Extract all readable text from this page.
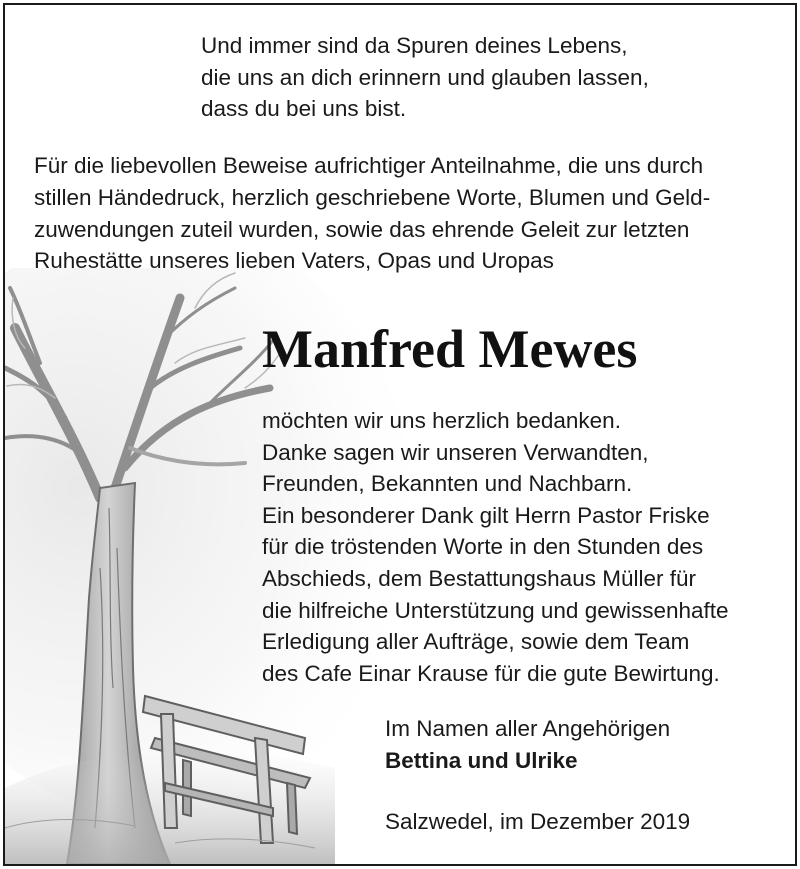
Und immer sind da Spuren deines Lebens,
die uns an dich erinnern und glauben lassen,
dass du bei uns bist.
Für die liebevollen Beweise aufrichtiger Anteilnahme, die uns durch
stillen Händedruck, herzlich geschriebene Worte, Blumen und Geld-
zuwendungen zuteil wurden, sowie das ehrende Geleit zur letzten
Ruhestätte unseres lieben Vaters, Opas und Uropas
Manfred Mewes
möchten wir uns herzlich bedanken.
Danke sagen wir unseren Verwandten,
Freunden, Bekannten und Nachbarn.
Ein besonderer Dank gilt Herrn Pastor Friske
für die tröstenden Worte in den Stunden des
Abschieds, dem Bestattungshaus Müller für
die hilfreiche Unterstützung und gewissenhafte
Erledigung aller Aufträge, sowie dem Team
des Cafe Einar Krause für die gute Bewirtung.
Im Namen aller Angehörigen
Bettina und Ulrike
Salzwedel, im Dezember 2019
